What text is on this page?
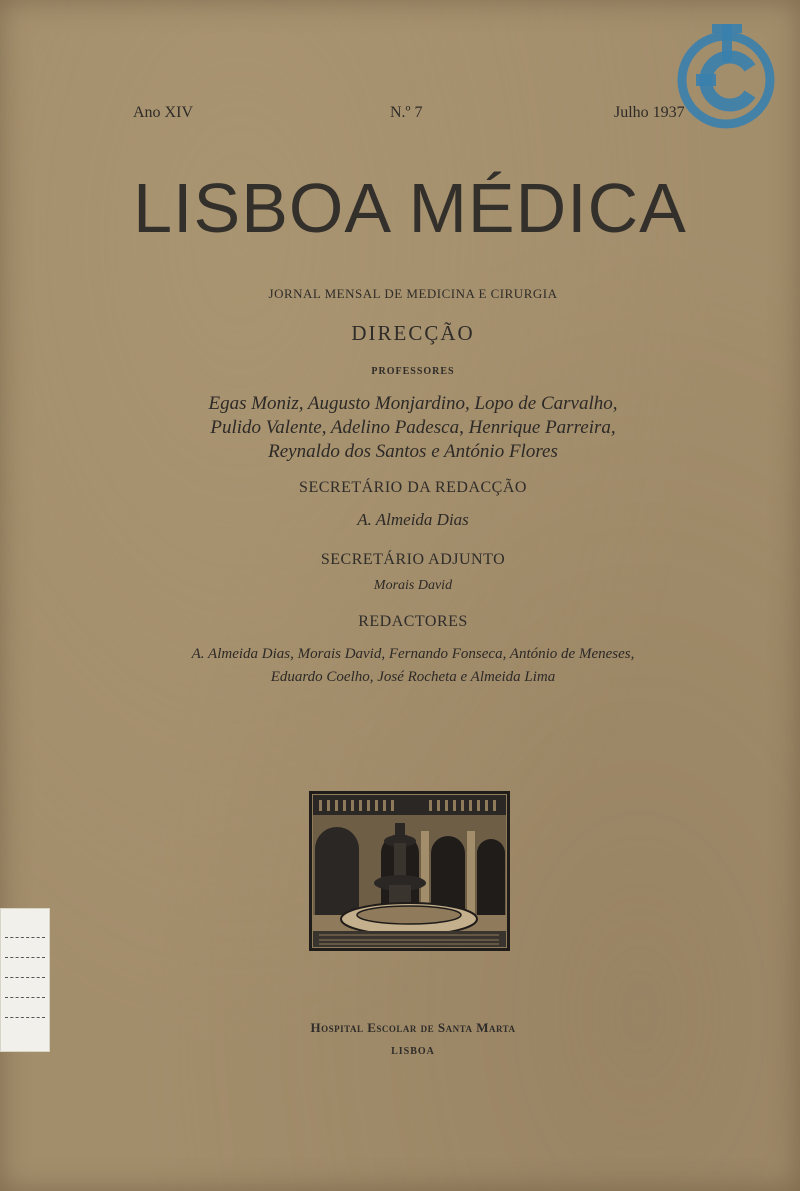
Ano XIV	N.º 7	Julho 1937
LISBOA MÉDICA

JORNAL MENSAL DE MEDICINA E CIRURGIA

DIRECÇÃO

PROFESSORES

Egas Moniz, Augusto Monjardino, Lopo de Carvalho,

Pulido Valente, Adelino Padesca, Henrique Parreira,

Reynaldo dos Santos e António Flores

SECRETÁRIO DA REDACÇÃO

A. Almeida Dias

SECRETÁRIO ADJUNTO

Morais David

REDACTORES

A. Almeida Dias, Morais David, Fernando Fonseca, António de Meneses,

Eduardo Coelho, José Rocheta e Almeida Lima

Hospital Escolar de Santa Marta

LISBOA
